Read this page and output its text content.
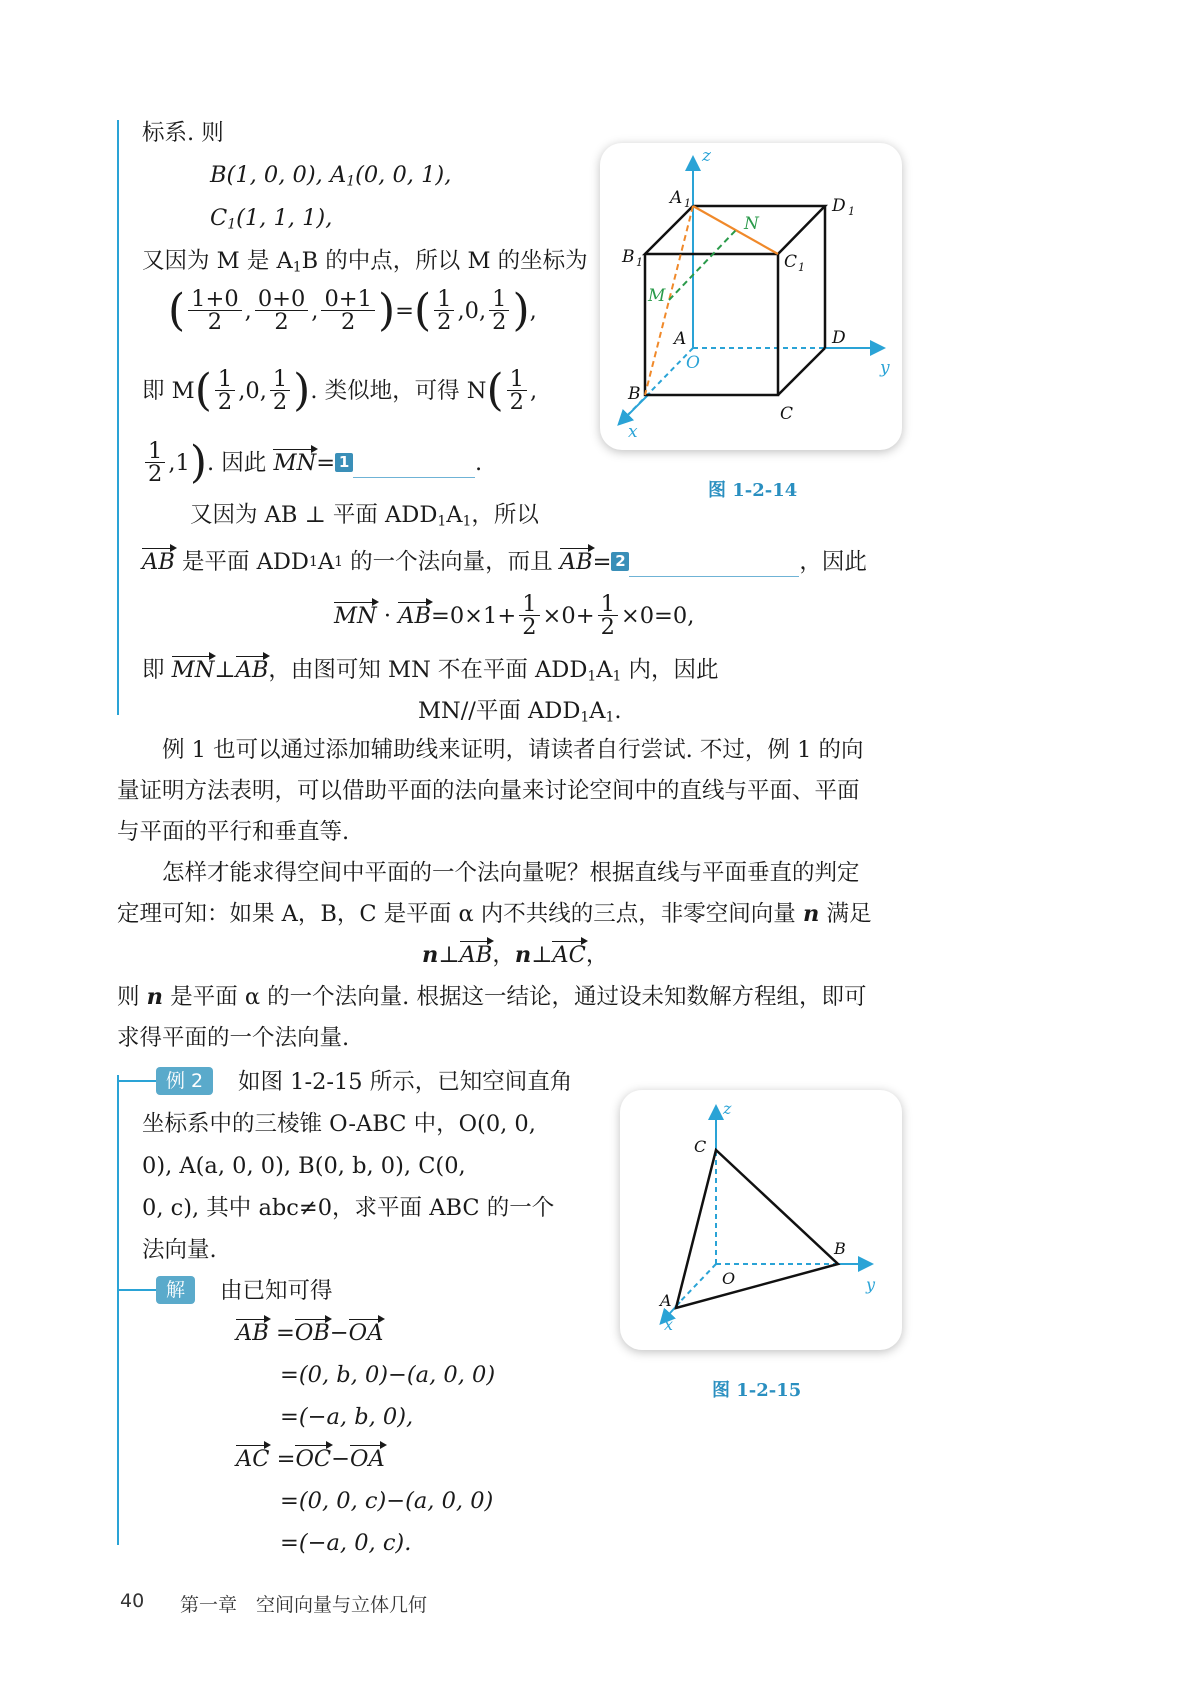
标系. 则
B(1, 0, 0), $A_1(0$, 0, 1),
$C_1(1$, 1, 1),
又因为 M 是 $A_1B$ 的中点，所以 M 的坐标为
( $\frac{1+0}{2}$ , $\frac{0+0}{2}$ , $\frac{0+1}{2}$ ) = ( $\frac{1}{2}$ , 0 , $\frac{1}{2}$ ) ,
即 M ( $\frac{1}{2}$ , 0 , $\frac{1}{2}$ ) . 类似地，可得 N ( $\frac{1}{2}$ ,
$\frac{1}{2}$ , 1 ) . 因此
MN = 1
	.
又因为 AB ⊥ 平面 $ADD_1A_1$，所以
AB
是平面 ADD 1 A 1
的一个法向量，而且
AB = 2
	，因此
MN
·
AB $=0\times 1+ \frac{1}{2} \times 0+ \frac{1}{2} \times 0=0$,
即 MN⊥AB，由图可知 MN 不在平面 $ADD_1A_1$ 内，因此
MN//平面 $ADD_1A_1$.
z
y
x
A 1	D 1
B 1	C 1
N
M
A
O
D
B
C
图 1-2-14
例 1 也可以通过添加辅助线来证明，请读者自行尝试. 不过，例 1 的向
量证明方法表明，可以借助平面的法向量来讨论空间中的直线与平面、平面
与平面的平行和垂直等.
怎样才能求得空间中平面的一个法向量呢？根据直线与平面垂直的判定
定理可知：如果 A，B，C 是平面 α 内不共线的三点，非零空间向量 n 满足
n⊥AB，n⊥AC，
则 n 是平面 α 的一个法向量. 根据这一结论，通过设未知数解方程组，即可
求得平面的一个法向量.
例 2	如图 1-2-15 所示，已知空间直角
坐标系中的三棱锥 O-ABC 中，O(0, 0,
0), A(a, 0, 0), B(0, b, 0), C(0,
0, c), 其中 abc≠0，求平面 ABC 的一个
法向量.
解	由已知可得
AB =OB−OA
=(0, b, 0)−(a, 0, 0)
=(−a, b, 0),
AC =OC−OA
=(0, 0, c)−(a, 0, 0)
=(−a, 0, c).
z
y
x
C
B
O
A
图 1-2-15
40 第一章　空间向量与立体几何
